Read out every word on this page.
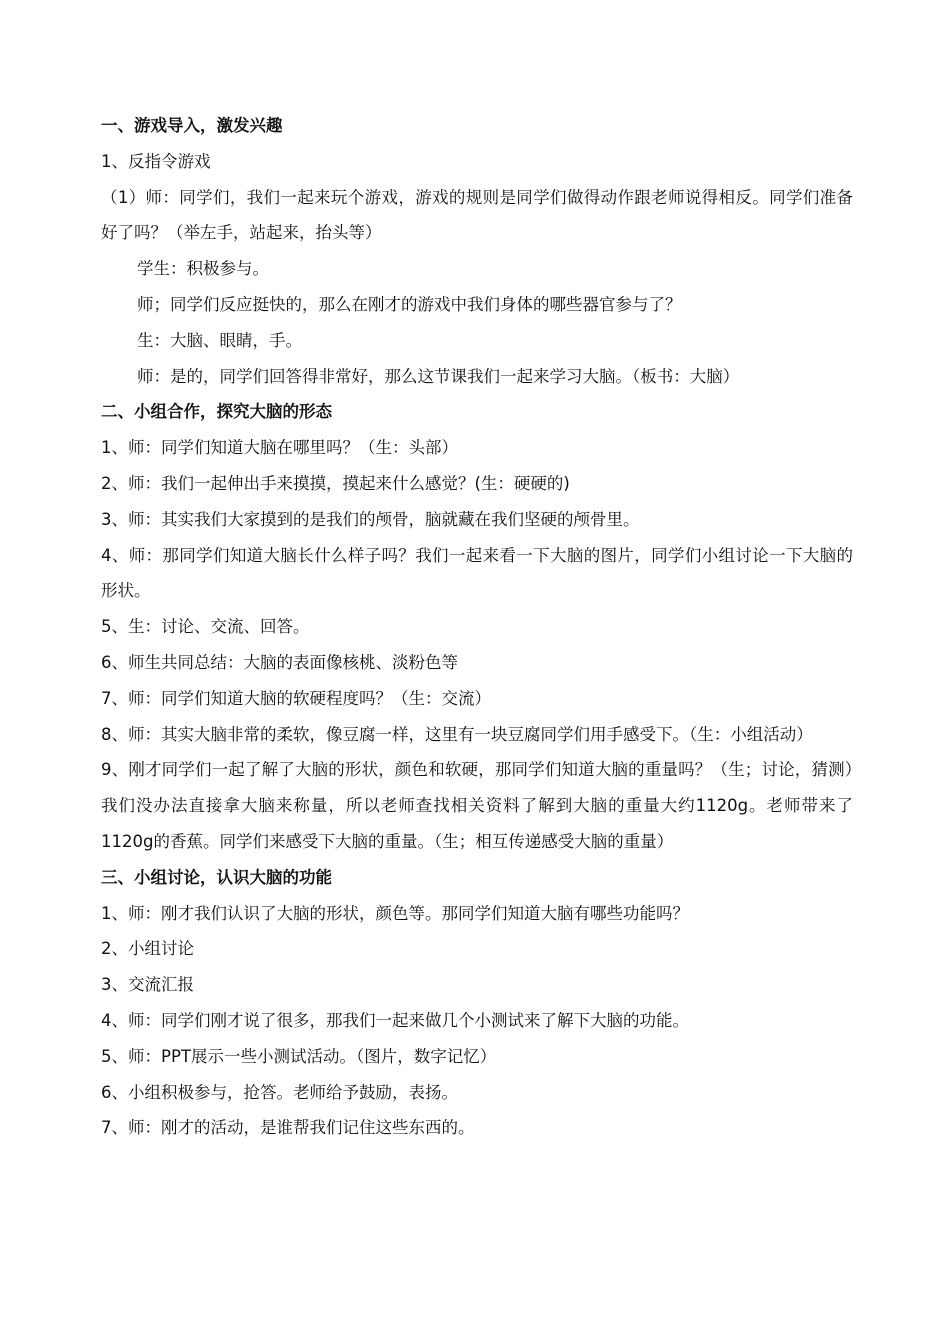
一、游戏导入，激发兴趣
1、反指令游戏
（1）师：同学们，我们一起来玩个游戏，游戏的规则是同学们做得动作跟老师说得相反。同学们准备好了吗？（举左手，站起来，抬头等）
学生：积极参与。
师；同学们反应挺快的，那么在刚才的游戏中我们身体的哪些器官参与了？
生：大脑、眼睛，手。
师：是的，同学们回答得非常好，那么这节课我们一起来学习大脑。（板书：大脑）
二、小组合作，探究大脑的形态
1、师：同学们知道大脑在哪里吗？（生：头部）
2、师：我们一起伸出手来摸摸，摸起来什么感觉？(生：硬硬的)
3、师：其实我们大家摸到的是我们的颅骨，脑就藏在我们坚硬的颅骨里。
4、师：那同学们知道大脑长什么样子吗？我们一起来看一下大脑的图片，同学们小组讨论一下大脑的形状。
5、生：讨论、交流、回答。
6、师生共同总结：大脑的表面像核桃、淡粉色等
7、师：同学们知道大脑的软硬程度吗？（生：交流）
8、师：其实大脑非常的柔软，像豆腐一样，这里有一块豆腐同学们用手感受下。（生：小组活动）
9、刚才同学们一起了解了大脑的形状，颜色和软硬，那同学们知道大脑的重量吗？（生；讨论，猜测）我们没办法直接拿大脑来称量，所以老师查找相关资料了解到大脑的重量大约1120g。老师带来了1120g的香蕉。同学们来感受下大脑的重量。（生；相互传递感受大脑的重量）
三、小组讨论，认识大脑的功能
1、师：刚才我们认识了大脑的形状，颜色等。那同学们知道大脑有哪些功能吗？
2、小组讨论
3、交流汇报
4、师：同学们刚才说了很多，那我们一起来做几个小测试来了解下大脑的功能。
5、师：PPT展示一些小测试活动。（图片，数字记忆）
6、小组积极参与，抢答。老师给予鼓励，表扬。
7、师：刚才的活动，是谁帮我们记住这些东西的。
